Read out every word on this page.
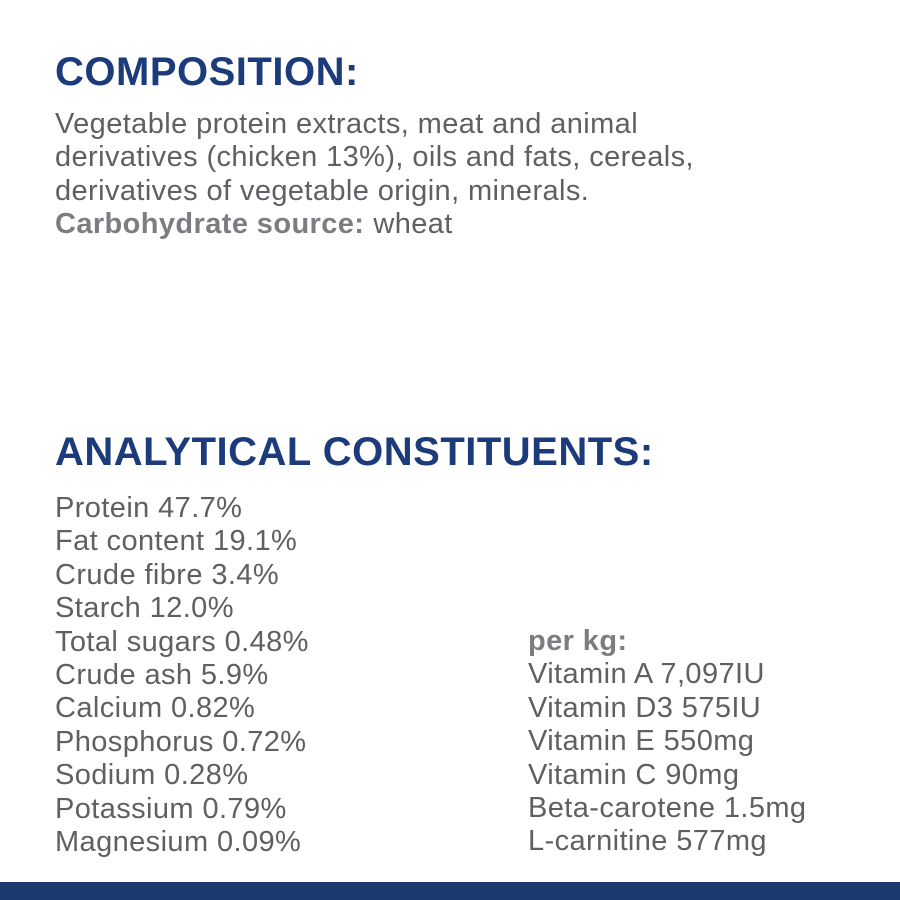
COMPOSITION:
Vegetable protein extracts, meat and animal
derivatives (chicken 13%), oils and fats, cereals,
derivatives of vegetable origin, minerals.
Carbohydrate source: wheat
ANALYTICAL CONSTITUENTS:
Protein 47.7%
Fat content 19.1%
Crude fibre 3.4%
Starch 12.0%
Total sugars 0.48%
Crude ash 5.9%
Calcium 0.82%
Phosphorus 0.72%
Sodium 0.28%
Potassium 0.79%
Magnesium 0.09%
per kg:
Vitamin A 7,097IU
Vitamin D3 575IU
Vitamin E 550mg
Vitamin C 90mg
Beta-carotene 1.5mg
L-carnitine 577mg
